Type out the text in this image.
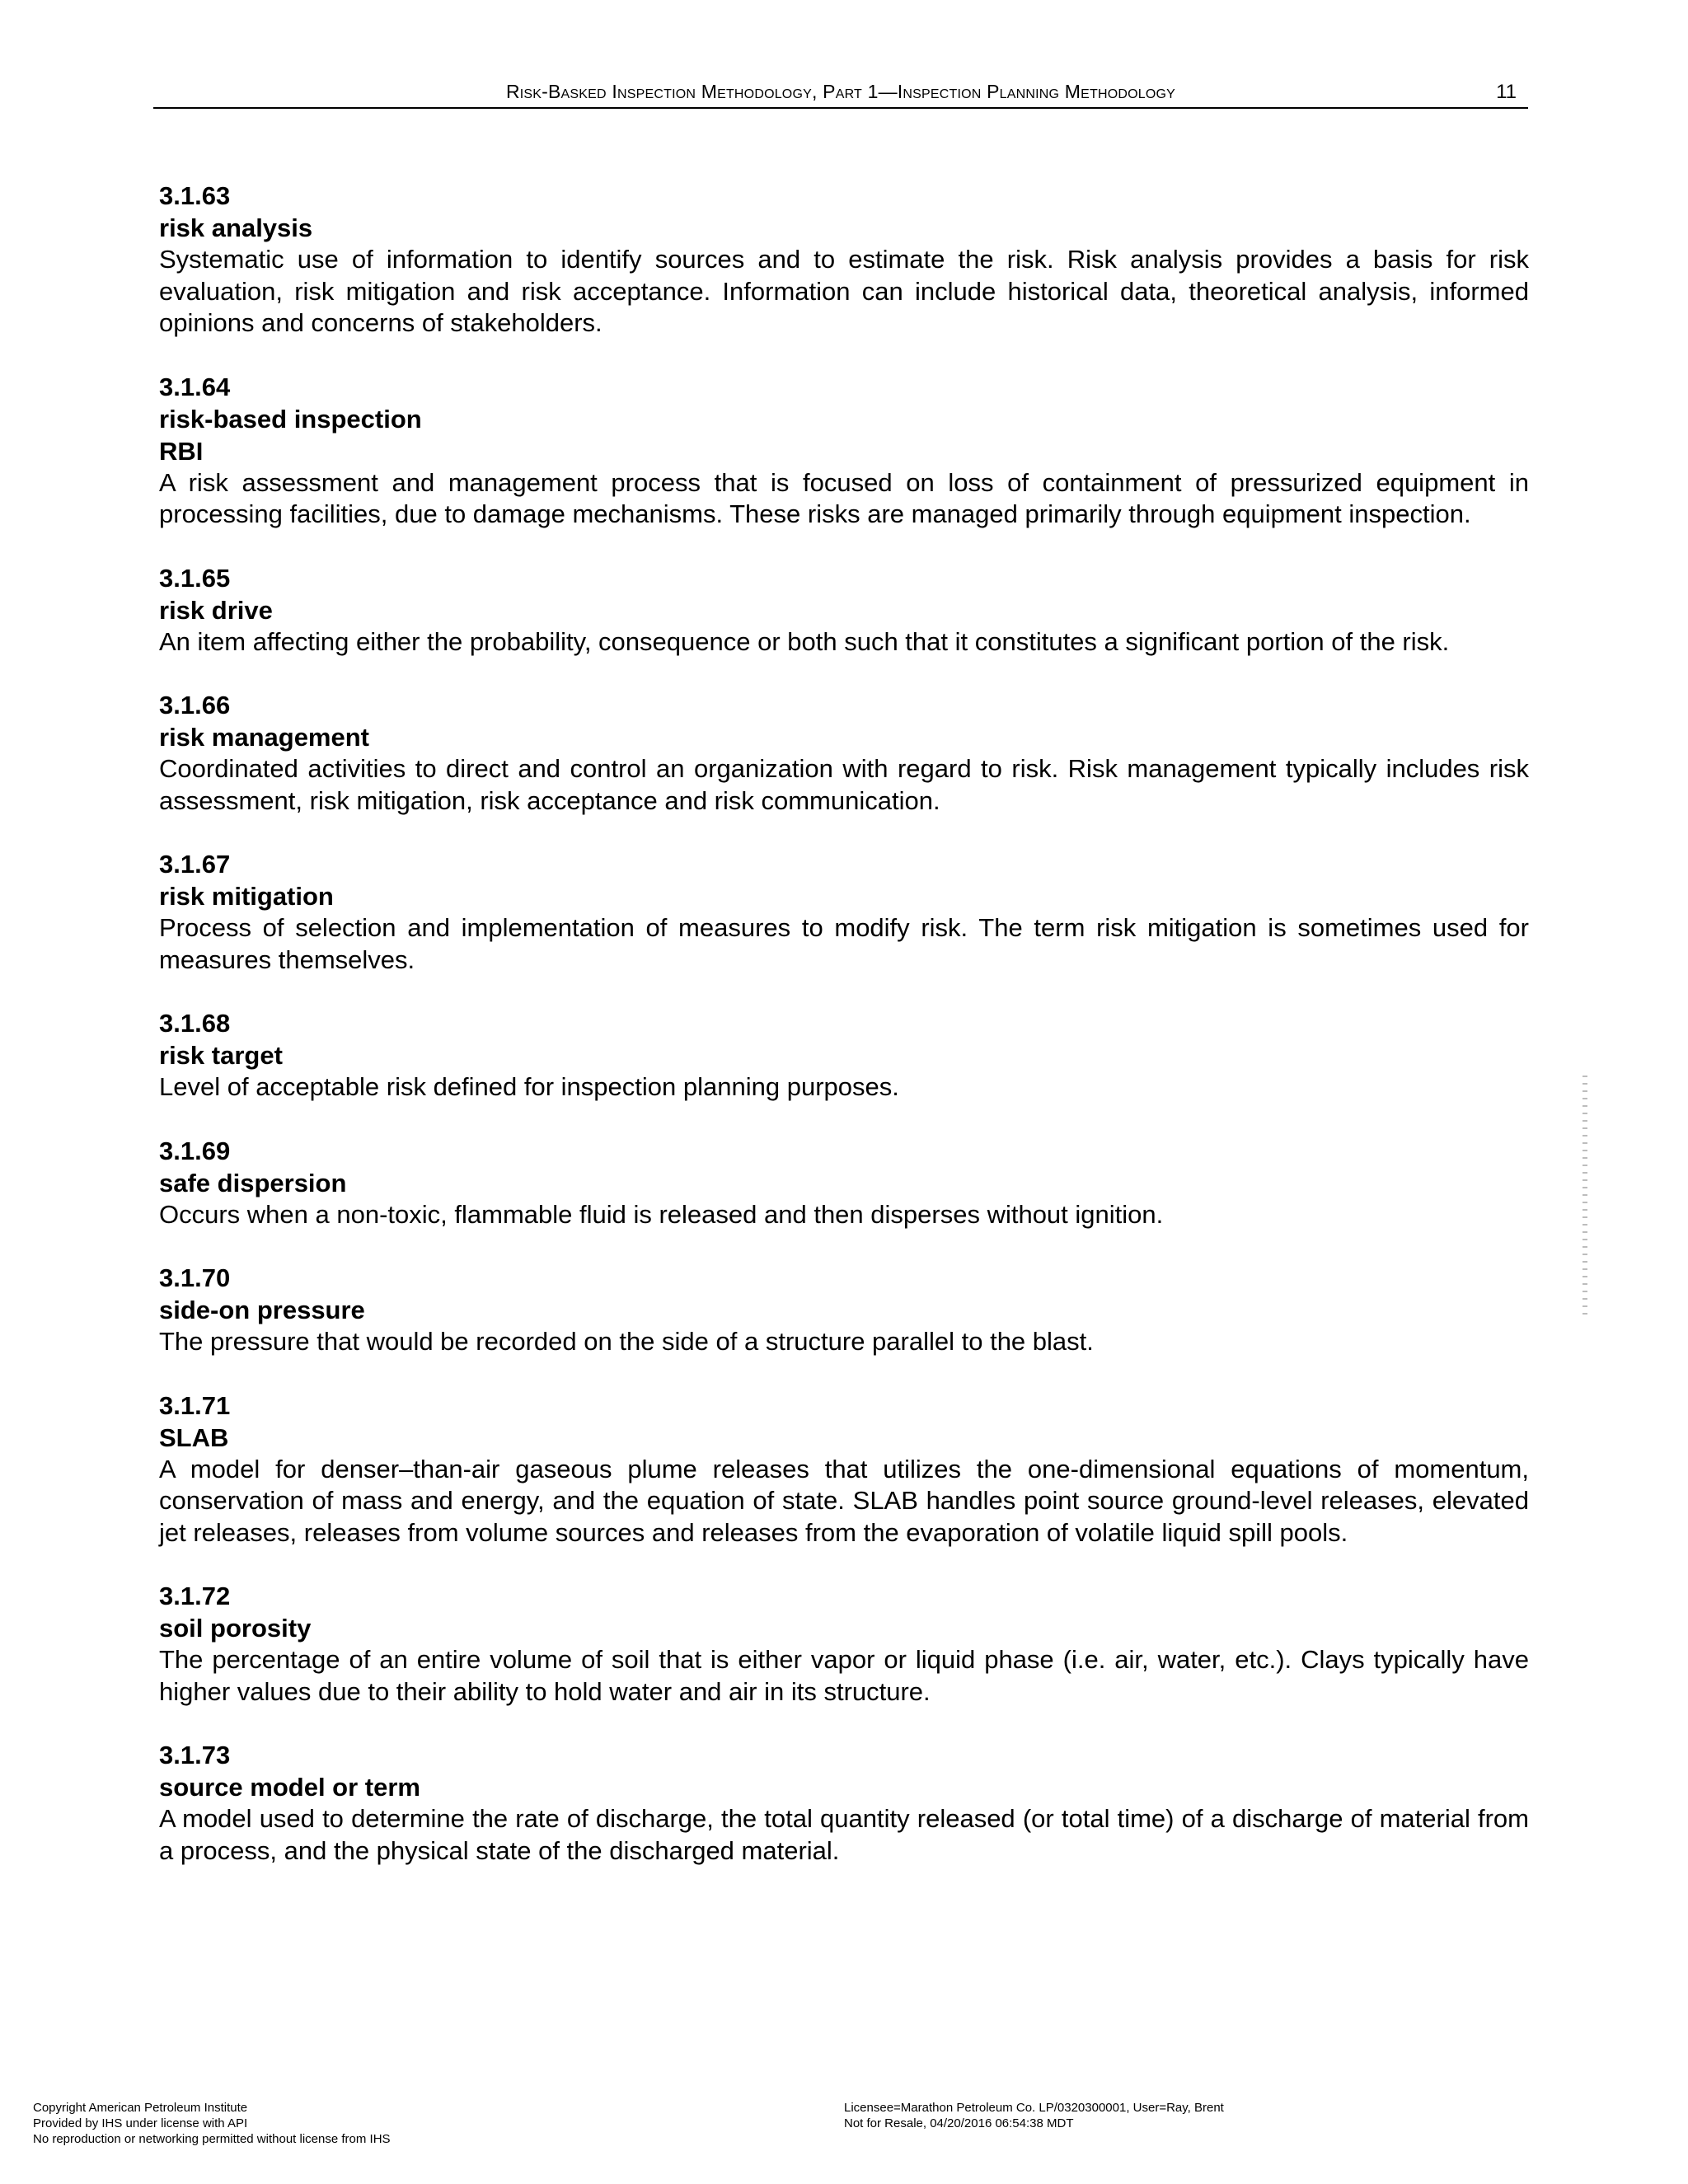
Risk-Basked Inspection Methodology, Part 1—Inspection Planning Methodology	11
3.1.63
risk analysis

Systematic use of information to identify sources and to estimate the risk. Risk analysis provides a basis for risk evaluation, risk mitigation and risk acceptance. Information can include historical data, theoretical analysis, informed opinions and concerns of stakeholders.

3.1.64
risk-based inspection
RBI

A risk assessment and management process that is focused on loss of containment of pressurized equipment in processing facilities, due to damage mechanisms. These risks are managed primarily through equipment inspection.

3.1.65
risk drive

An item affecting either the probability, consequence or both such that it constitutes a significant portion of the risk.

3.1.66
risk management

Coordinated activities to direct and control an organization with regard to risk. Risk management typically includes risk assessment, risk mitigation, risk acceptance and risk communication.

3.1.67
risk mitigation

Process of selection and implementation of measures to modify risk. The term risk mitigation is sometimes used for measures themselves.

3.1.68
risk target

Level of acceptable risk defined for inspection planning purposes.

3.1.69
safe dispersion

Occurs when a non-toxic, flammable fluid is released and then disperses without ignition.

3.1.70
side-on pressure

The pressure that would be recorded on the side of a structure parallel to the blast.

3.1.71
SLAB

A model for denser–than-air gaseous plume releases that utilizes the one-dimensional equations of momentum, conservation of mass and energy, and the equation of state. SLAB handles point source ground-level releases, elevated jet releases, releases from volume sources and releases from the evaporation of volatile liquid spill pools.

3.1.72
soil porosity

The percentage of an entire volume of soil that is either vapor or liquid phase (i.e. air, water, etc.). Clays typically have higher values due to their ability to hold water and air in its structure.

3.1.73
source model or term

A model used to determine the rate of discharge, the total quantity released (or total time) of a discharge of material from a process, and the physical state of the discharged material.

Copyright American Petroleum Institute
Provided by IHS under license with API
No reproduction or networking permitted without license from IHS
Licensee=Marathon Petroleum Co. LP/0320300001, User=Ray, Brent
Not for Resale, 04/20/2016 06:54:38 MDT
